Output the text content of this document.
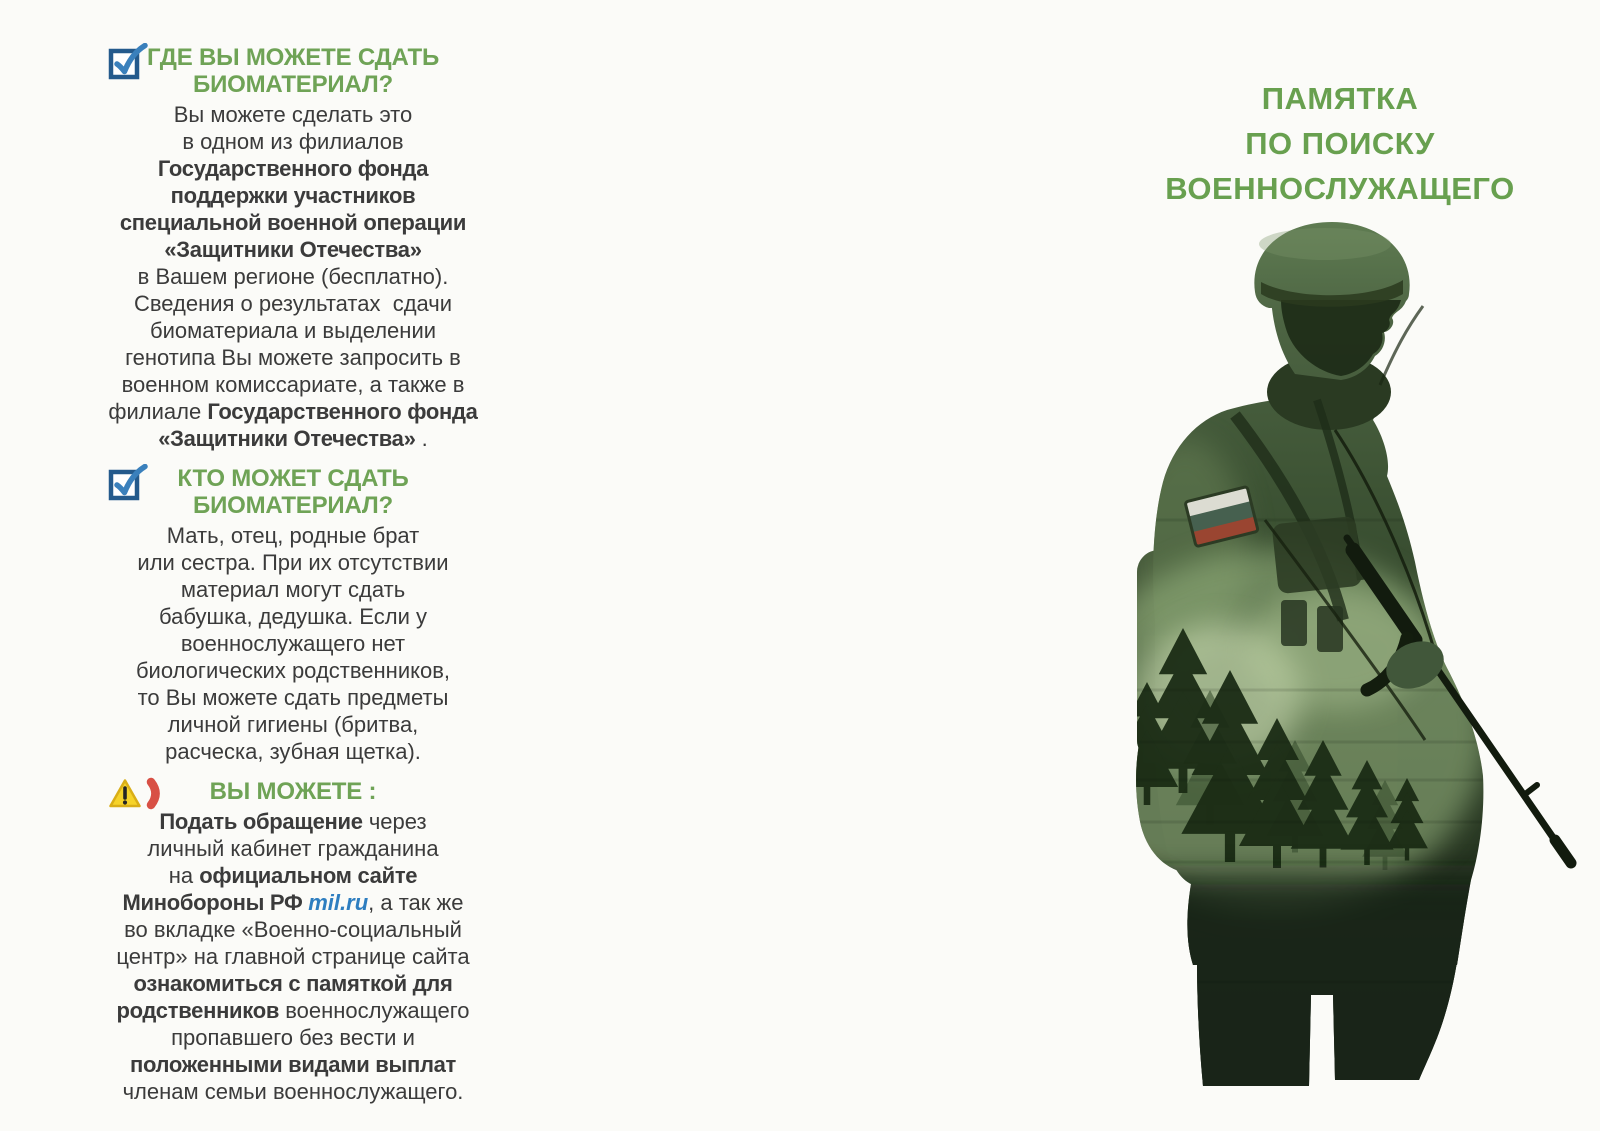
ГДЕ ВЫ МОЖЕТЕ СДАТЬ
БИОМАТЕРИАЛ?
Вы можете сделать это
в одном из филиалов
Государственного фонда
поддержки участников
специальной военной операции
«Защитники Отечества»
в Вашем регионе (бесплатно).
Сведения о результатах  сдачи
биоматериала и выделении
генотипа Вы можете запросить в
военном комиссариате, а также в
филиале Государственного фонда
«Защитники Отечества» .
КТО МОЖЕТ СДАТЬ
БИОМАТЕРИАЛ?
Мать, отец, родные брат
или сестра. При их отсутствии
материал могут сдать
бабушка, дедушка. Если у
военнослужащего нет
биологических родственников,
то Вы можете сдать предметы
личной гигиены (бритва,
расческа, зубная щетка).
ВЫ МОЖЕТЕ :
Подать обращение через
личный кабинет гражданина
на официальном сайте
Минобороны РФ mil.ru, а так же
во вкладке «Военно-социальный
центр» на главной странице сайта
ознакомиться с памяткой для
родственников военнослужащего
пропавшего без вести и
положенными видами выплат
членам семьи военнослужащего.
ПАМЯТКА
ПО ПОИСКУ
ВОЕННОСЛУЖАЩЕГО
